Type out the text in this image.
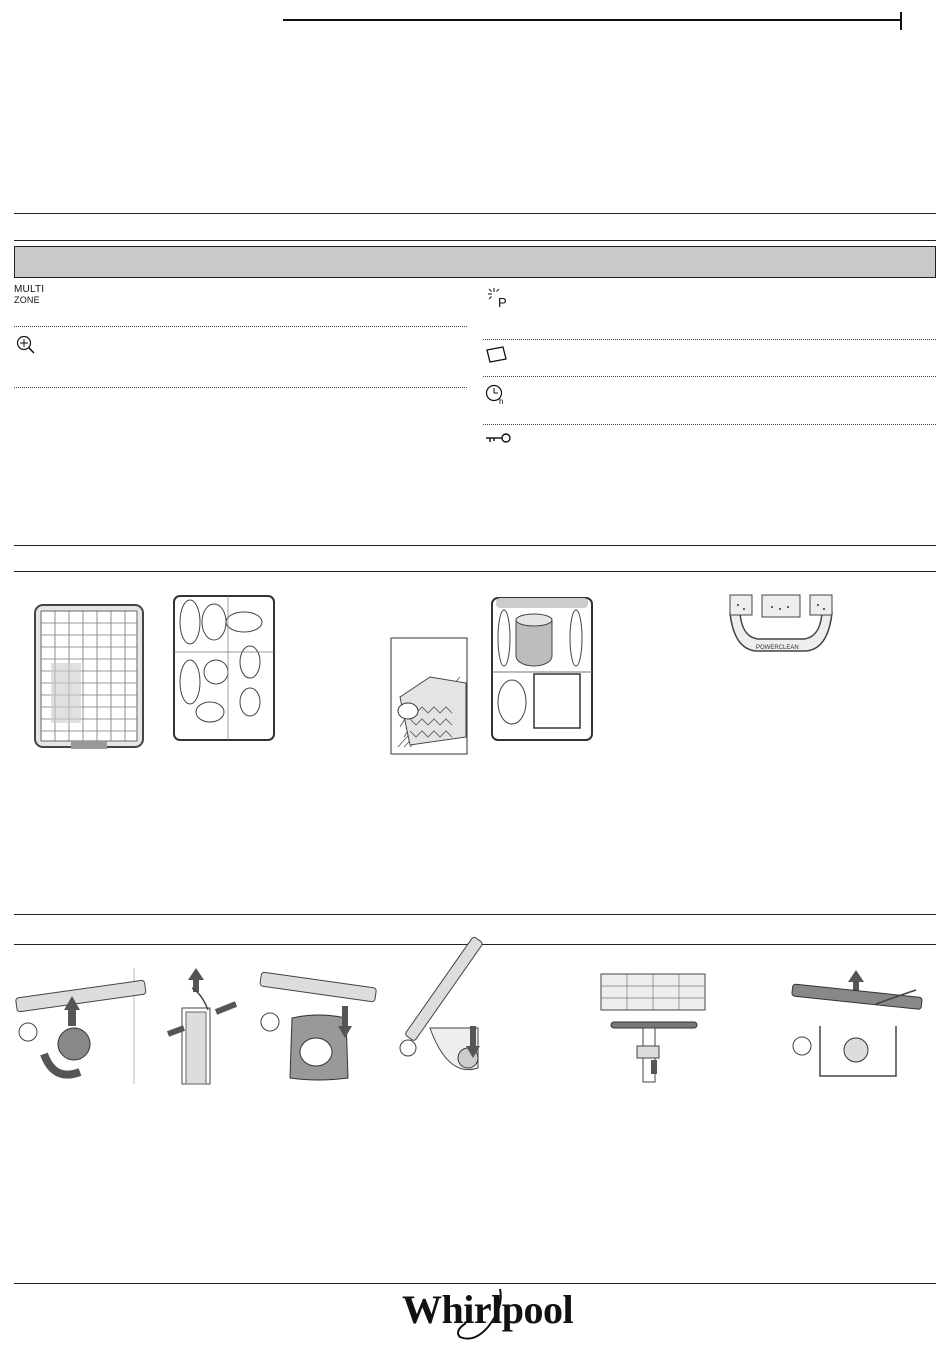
MULTI
ZONE	P
h
POWERCLEAN
Whirlpool
